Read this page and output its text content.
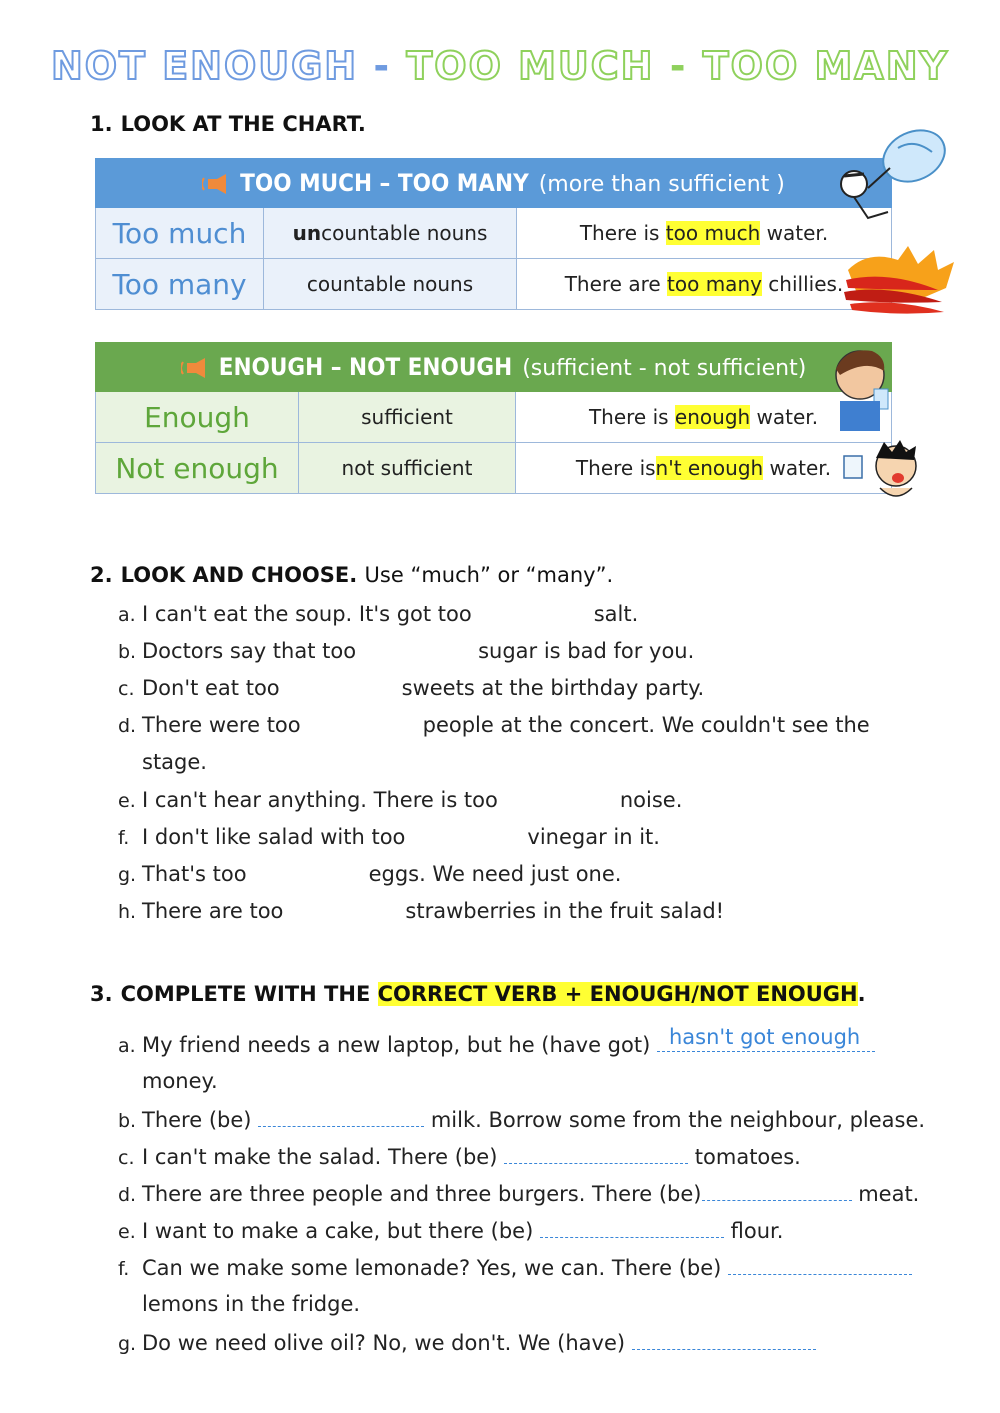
NOT ENOUGH - TOO MUCH - TOO MANY
1. LOOK AT THE CHART.
TOO MUCH – TOO MANY (more than sufficient )		
Too much	uncountable nouns	There is too much water.
Too many	countable nouns	There are too many chillies.
ENOUGH – NOT ENOUGH (sufficient - not sufficient)		
Enough	sufficient	There is enough water.
Not enough	not sufficient	There isn't enough water.
2. LOOK AND CHOOSE. Use “much” or “many”.
a. I can't eat the soup. It's got too	salt.
b. Doctors say that too	sugar is bad for you.
c. Don't eat too	sweets at the birthday party.
d. There were too	people at the concert. We couldn't see the
stage.
e. I can't hear anything. There is too	noise.
f. I don't like salad with too	vinegar in it.
g. That's too	eggs. We need just one.
h. There are too	strawberries in the fruit salad!
3. COMPLETE WITH THE CORRECT VERB + ENOUGH/NOT ENOUGH.
a. My friend needs a new laptop, but he (have got) hasn't got enough
money.
b. There (be)	milk. Borrow some from the neighbour, please.
c. I can't make the salad. There (be)	tomatoes.
d. There are three people and three burgers. There (be)	meat.
e. I want to make a cake, but there (be)	flour.
f. Can we make some lemonade? Yes, we can. There (be)
lemons in the fridge.
g. Do we need olive oil? No, we don't. We (have)
